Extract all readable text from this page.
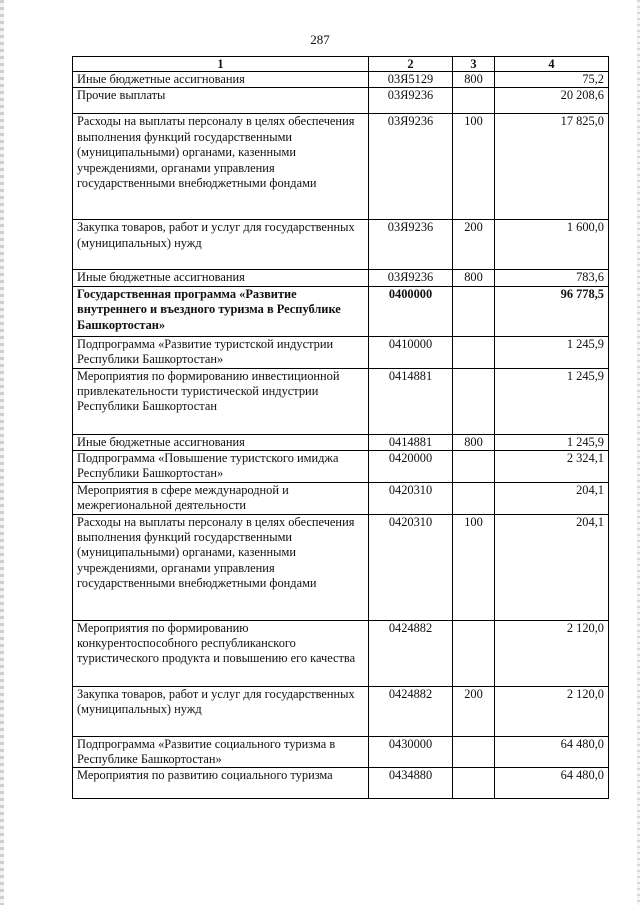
287
1	2	3	4
Иные бюджетные ассигнования	03Я5129	800	75,2
Прочие выплаты	03Я9236		20 208,6
Расходы на выплаты персоналу в целях обеспечения выполнения функций государственными (муниципальными) органами, казенными учреждениями, органами управления государственными внебюджетными фондами	03Я9236	100	17 825,0
Закупка товаров, работ и услуг для государственных (муниципальных) нужд	03Я9236	200	1 600,0
Иные бюджетные ассигнования	03Я9236	800	783,6
Государственная программа «Развитие внутреннего и въездного туризма в Республике Башкортостан»	0400000		96 778,5
Подпрограмма «Развитие туристской индустрии Республики Башкортостан»	0410000		1 245,9
Мероприятия по формированию инвестиционной привлекательности туристической индустрии Республики Башкортостан	0414881		1 245,9
Иные бюджетные ассигнования	0414881	800	1 245,9
Подпрограмма «Повышение туристского имиджа Республики Башкортостан»	0420000		2 324,1
Мероприятия в сфере международной и межрегиональной деятельности	0420310		204,1
Расходы на выплаты персоналу в целях обеспечения выполнения функций государственными (муниципальными) органами, казенными учреждениями, органами управления государственными внебюджетными фондами	0420310	100	204,1
Мероприятия по формированию конкурентоспособного республиканского туристического продукта и повышению его качества	0424882		2 120,0
Закупка товаров, работ и услуг для государственных (муниципальных) нужд	0424882	200	2 120,0
Подпрограмма «Развитие социального туризма в Республике Башкортостан»	0430000		64 480,0
Мероприятия по развитию социального туризма	0434880		64 480,0
